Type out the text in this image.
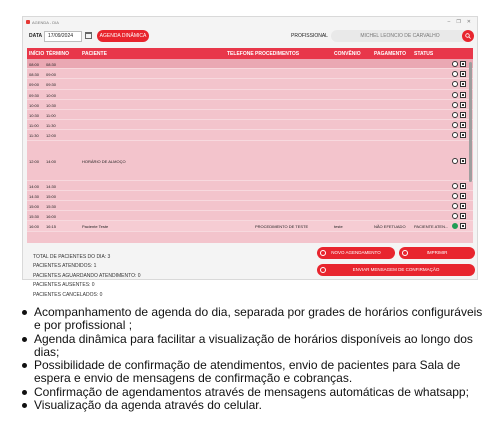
AGENDA - DIA	– ❐ ✕
DATA	17/09/2024	AGENDA DINÂMICA	PROFISSIONAL	MICHEL LEONCIO DE CARVALHO
INÍCIO TÉRMINO	PACIENTE	TELEFONE PROCEDIMENTOS	CONVÊNIO	PAGAMENTO STATUS
08:00 08:30
08:30 09:00
09:00 09:30
09:30 10:00
10:00 10:30
10:30 11:00
11:00 11:30
11:30 12:00
12:00 14:00	HORÁRIO DE ALMOÇO
14:00 14:30
14:30 15:00
15:00 15:30
15:30 16:00
16:00 16:15	Paciente Teste	PROCEDIMENTO DE TESTE	teste	NÃO EFETUADO PACIENTE ATEN...
TOTAL DE PACIENTES DO DIA: 3
PACIENTES ATENDIDOS: 1
PACIENTES AGUARDANDO ATENDIMENTO: 0
PACIENTES AUSENTES: 0
PACIENTES CANCELADOS: 0
NOVO AGENDAMENTO	IMPRIMIR
ENVIAR MENSAGEM DE CONFIRMAÇÃO
Acompanhamento de agenda do dia, separada por grades de horários configuráveis e por profissional ;
Agenda dinâmica para facilitar a visualização de horários disponíveis ao longo dos dias;
Possibilidade de confirmação de atendimentos, envio de pacientes para Sala de espera e envio de mensagens de confirmação e cobranças.
Confirmação de agendamentos através de mensagens automáticas de whatsapp;
Visualização da agenda através do celular.
